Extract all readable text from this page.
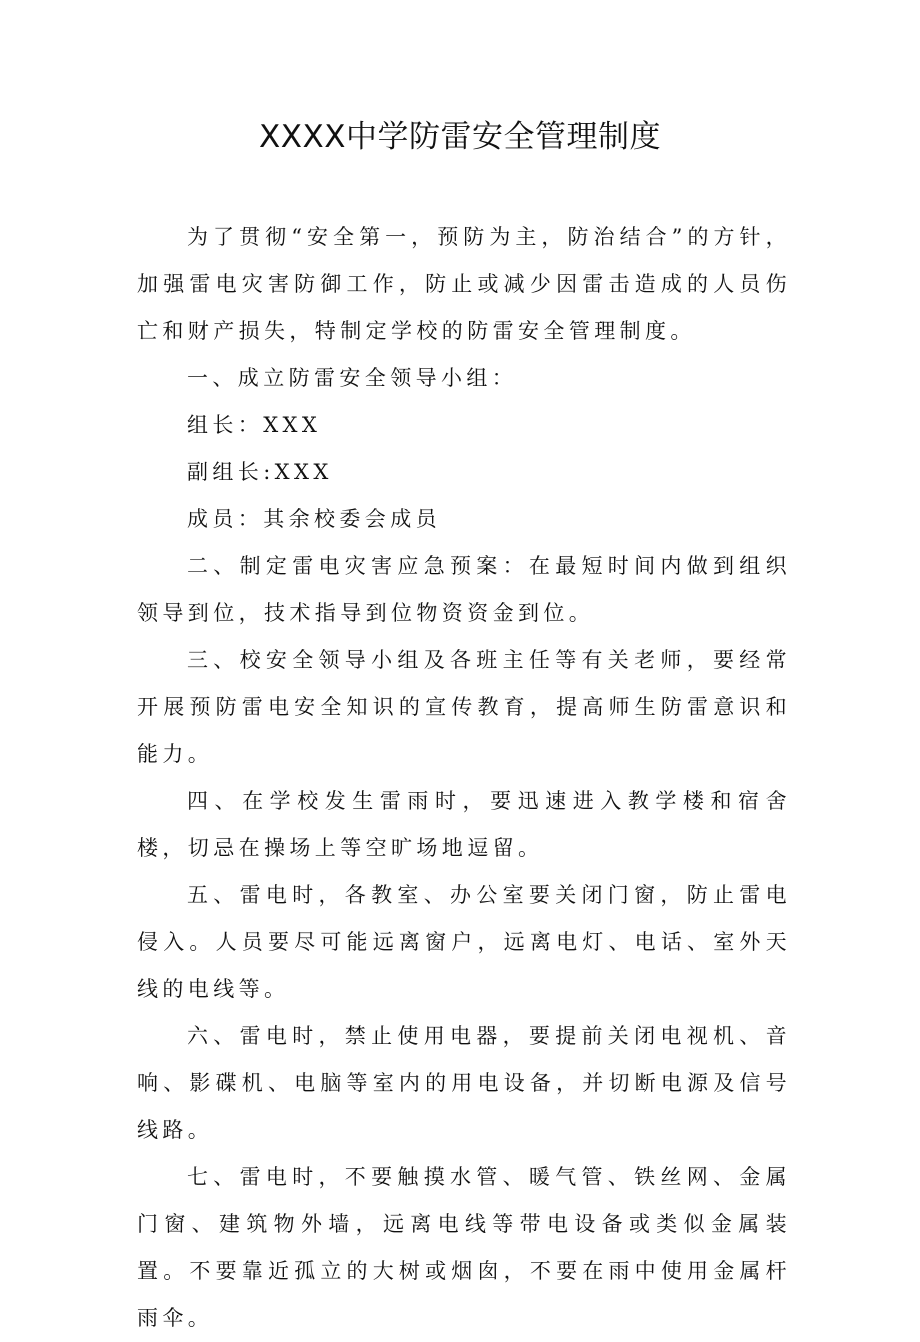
XXXX中学防雷安全管理制度

为了贯彻“安全第一，预防为主，防治结合”的方针，加强雷电灾害防御工作，防止或减少因雷击造成的人员伤亡和财产损失，特制定学校的防雷安全管理制度。

一、成立防雷安全领导小组：

组长：XXX

副组长:XXX

成员：其余校委会成员

二、制定雷电灾害应急预案：在最短时间内做到组织领导到位，技术指导到位物资资金到位。

三、校安全领导小组及各班主任等有关老师，要经常开展预防雷电安全知识的宣传教育，提高师生防雷意识和能力。

四、在学校发生雷雨时，要迅速进入教学楼和宿舍楼，切忌在操场上等空旷场地逗留。

五、雷电时，各教室、办公室要关闭门窗，防止雷电侵入。人员要尽可能远离窗户，远离电灯、电话、室外天线的电线等。

六、雷电时，禁止使用电器，要提前关闭电视机、音响、影碟机、电脑等室内的用电设备，并切断电源及信号线路。

七、雷电时，不要触摸水管、暖气管、铁丝网、金属门窗、建筑物外墙，远离电线等带电设备或类似金属装置。不要靠近孤立的大树或烟囱，不要在雨中使用金属杆雨伞。
